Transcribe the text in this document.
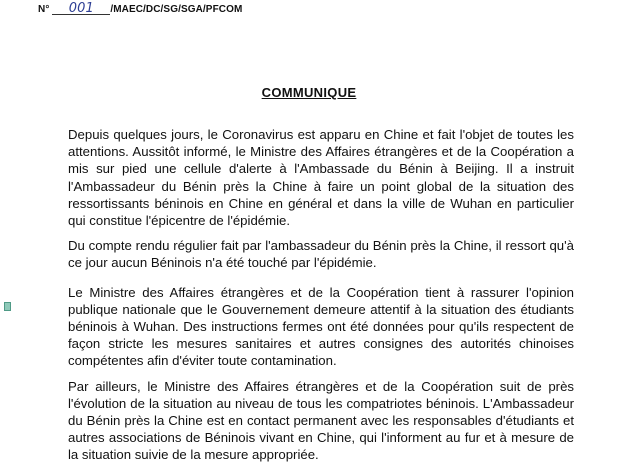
N° 001 /MAEC/DC/SG/SGA/PFCOM
COMMUNIQUE

Depuis quelques jours, le Coronavirus est apparu en Chine et fait l'objet de toutes les attentions. Aussitôt informé, le Ministre des Affaires étrangères et de la Coopération a mis sur pied une cellule d'alerte à l'Ambassade du Bénin à Beijing. Il a instruit l'Ambassadeur du Bénin près la Chine à faire un point global de la situation des ressortissants béninois en Chine en général et dans la ville de Wuhan en particulier qui constitue l'épicentre de l'épidémie.

Du compte rendu régulier fait par l'ambassadeur du Bénin près la Chine, il ressort qu'à ce jour aucun Béninois n'a été touché par l'épidémie.

Le Ministre des Affaires étrangères et de la Coopération tient à rassurer l'opinion publique nationale que le Gouvernement demeure attentif à la situation des étudiants béninois à Wuhan. Des instructions fermes ont été données pour qu'ils respectent de façon stricte les mesures sanitaires et autres consignes des autorités chinoises compétentes afin d'éviter toute contamination.

Par ailleurs, le Ministre des Affaires étrangères et de la Coopération suit de près l'évolution de la situation au niveau de tous les compatriotes béninois. L'Ambassadeur du Bénin près la Chine est en contact permanent avec les responsables d'étudiants et autres associations de Béninois vivant en Chine, qui l'informent au fur et à mesure de la situation suivie de la mesure appropriée.
